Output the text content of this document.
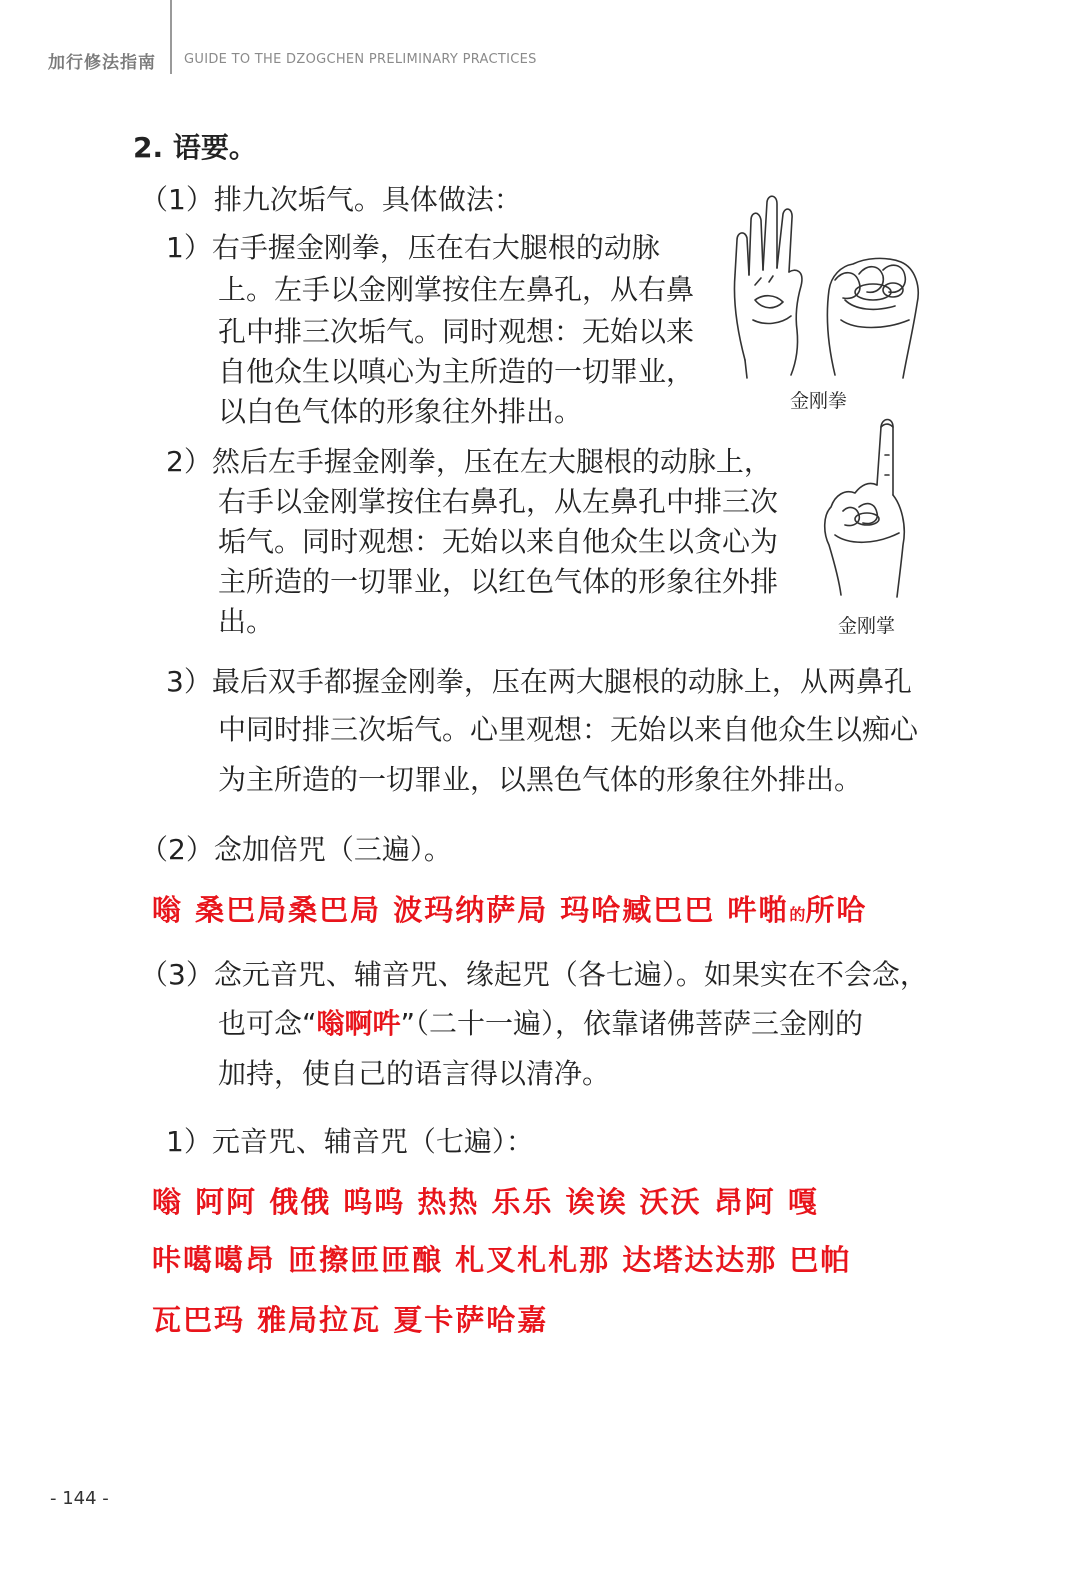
加行修法指南 GUIDE TO THE DZOGCHEN PRELIMINARY PRACTICES
2. 语要。
（1）排九次垢气。具体做法：
1）右手握金刚拳，压在右大腿根的动脉
上。左手以金刚掌按住左鼻孔，从右鼻
孔中排三次垢气。同时观想：无始以来
自他众生以嗔心为主所造的一切罪业，
以白色气体的形象往外排出。	金刚拳
2）然后左手握金刚拳，压在左大腿根的动脉上，
右手以金刚掌按住右鼻孔，从左鼻孔中排三次
垢气。同时观想：无始以来自他众生以贪心为
主所造的一切罪业，以红色气体的形象往外排
出。	金刚掌
3）最后双手都握金刚拳，压在两大腿根的动脉上，从两鼻孔
中同时排三次垢气。心里观想：无始以来自他众生以痴心
为主所造的一切罪业，以黑色气体的形象往外排出。
（2）念加倍咒（三遍）。
嗡 桑巴局桑巴局 波玛纳萨局 玛哈臧巴巴 吽啪的所哈
（3）念元音咒、辅音咒、缘起咒（各七遍）。如果实在不会念，
也可念“嗡啊吽”（二十一遍），依靠诸佛菩萨三金刚的
加持，使自己的语言得以清净。
1）元音咒、辅音咒（七遍）：
嗡 阿阿 俄俄 呜呜 热热 乐乐 诶诶 沃沃 昂阿 嘎
咔噶噶昂 匝擦匝匝酿 札叉札札那 达塔达达那 巴帕
瓦巴玛 雅局拉瓦 夏卡萨哈嘉
- 144 -
